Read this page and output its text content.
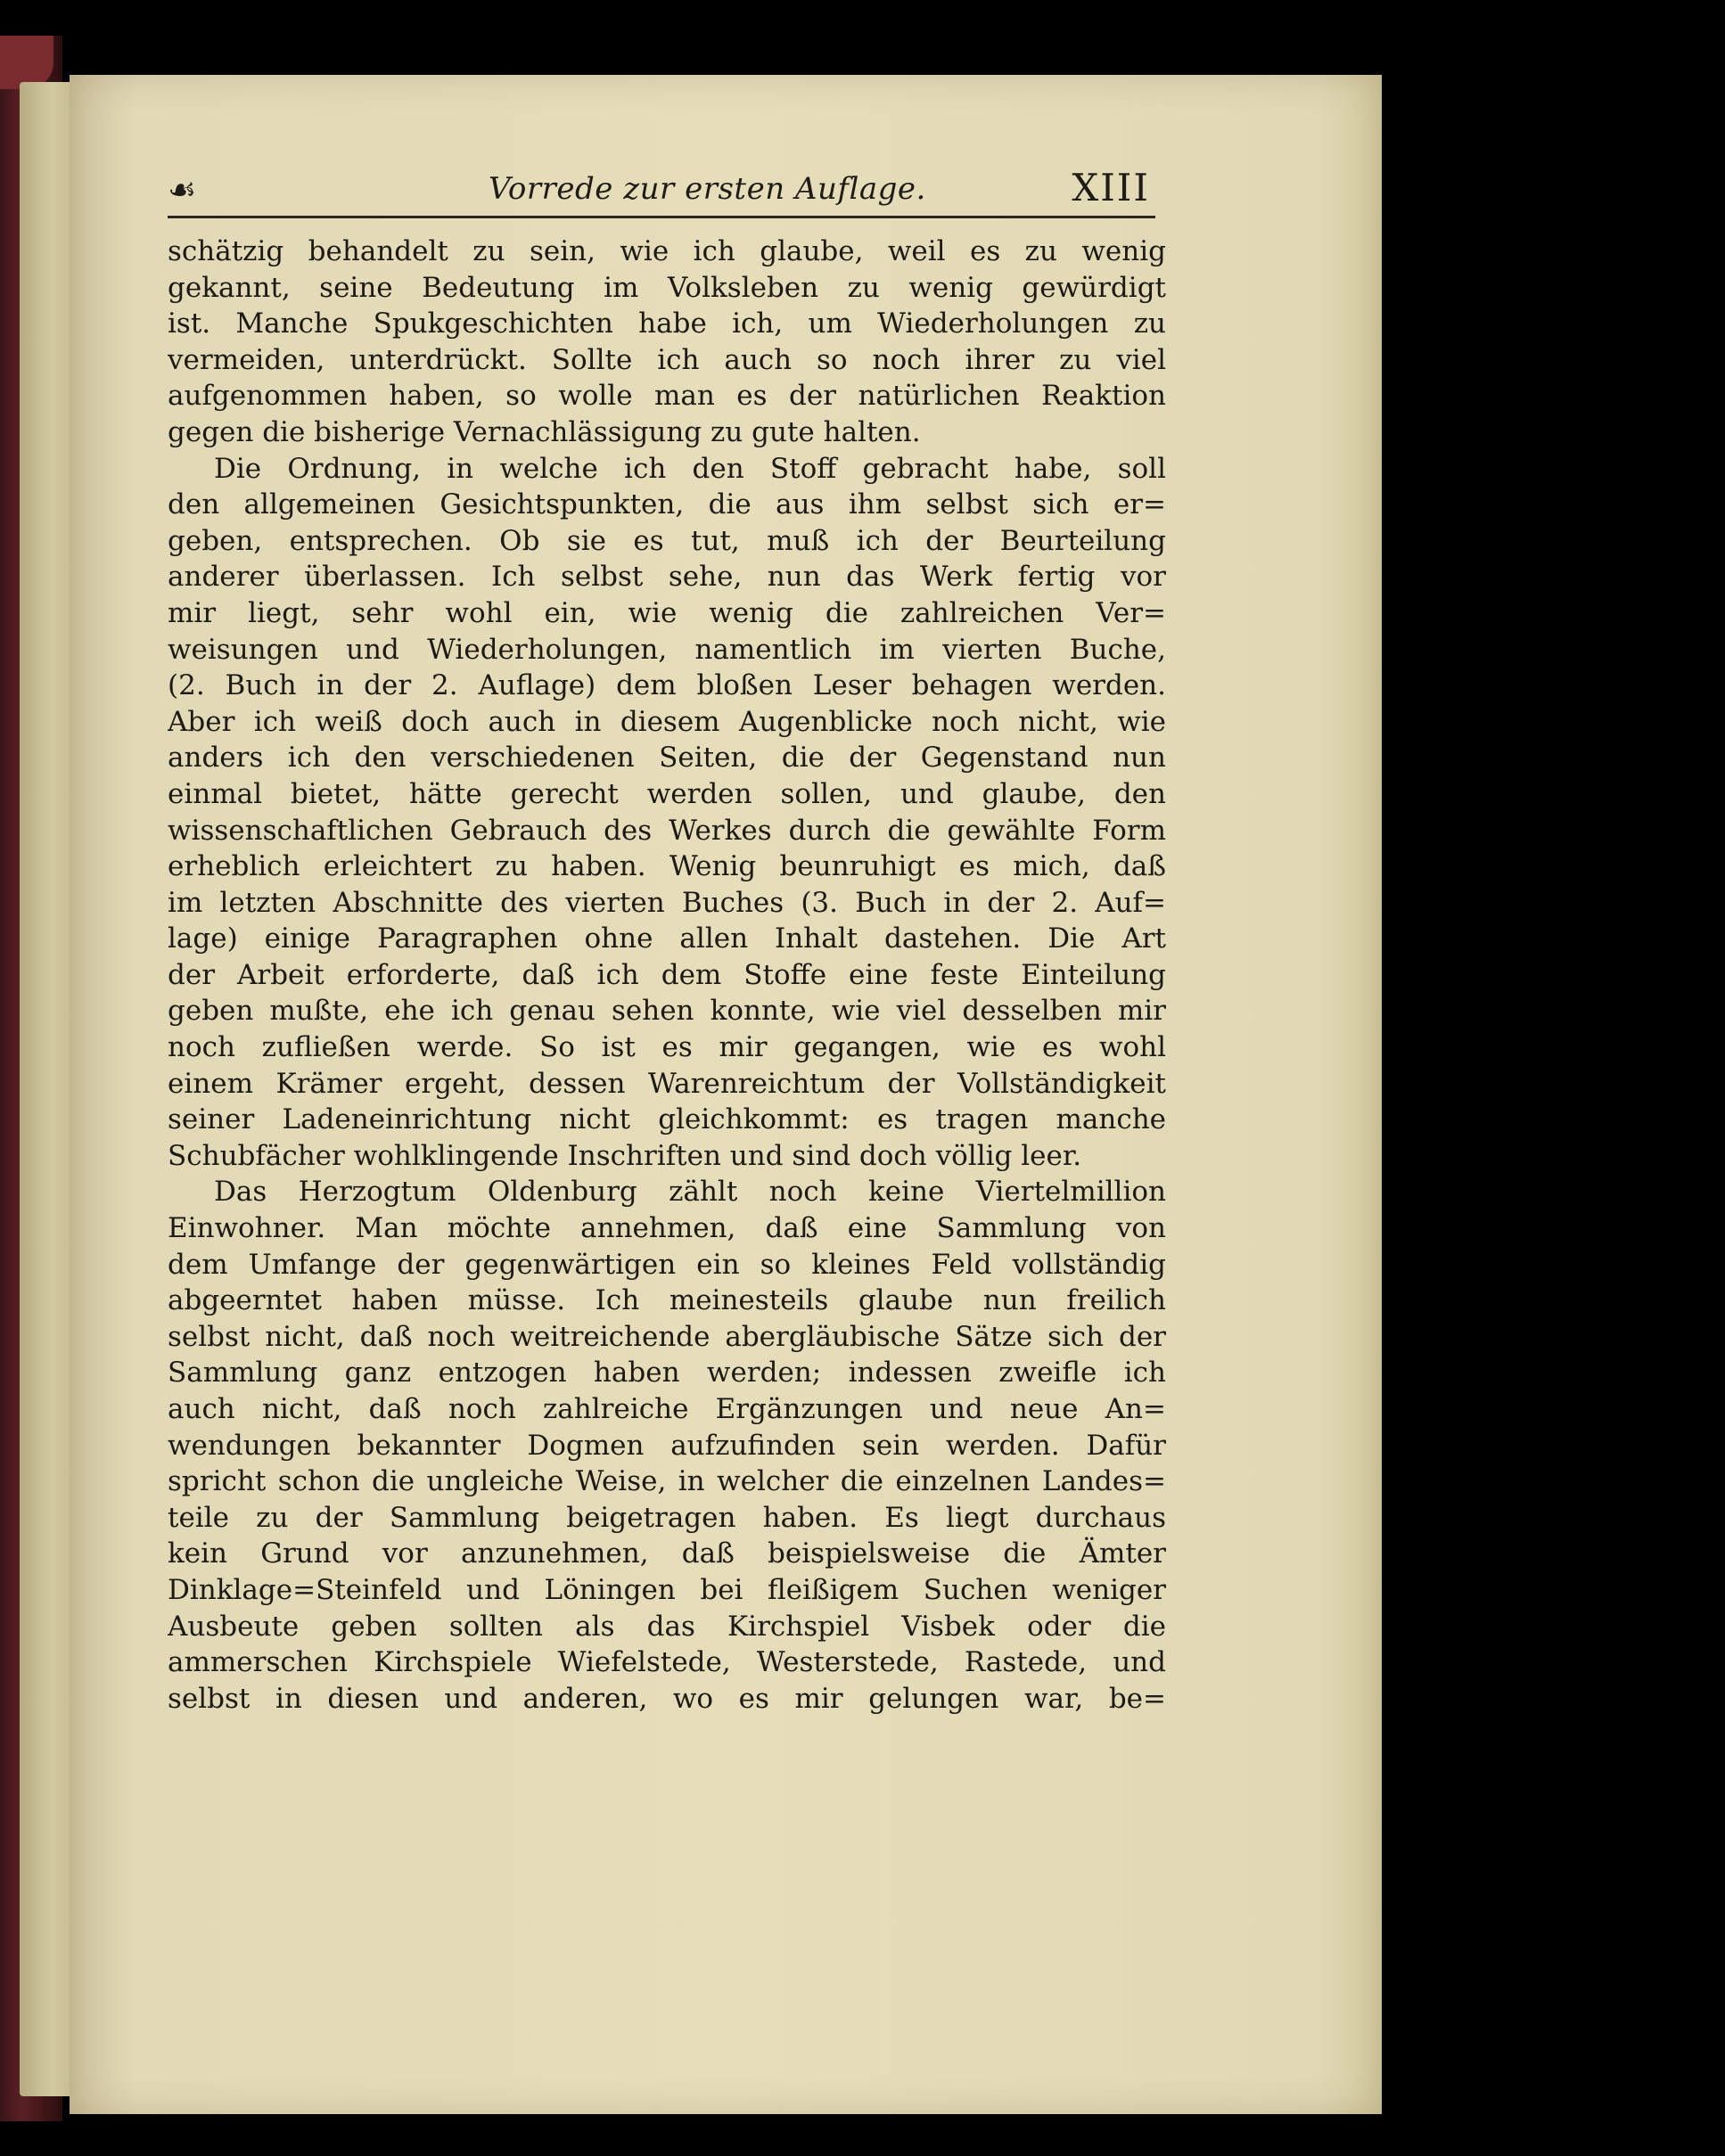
☙	Vorrede zur ersten Auflage.	XIII
schätzig behandelt zu sein, wie ich glaube, weil es zu wenig
gekannt, seine Bedeutung im Volksleben zu wenig gewürdigt
ist. Manche Spukgeschichten habe ich, um Wiederholungen zu
vermeiden, unterdrückt. Sollte ich auch so noch ihrer zu viel
aufgenommen haben, so wolle man es der natürlichen Reaktion
gegen die bisherige Vernachlässigung zu gute halten.
Die Ordnung, in welche ich den Stoff gebracht habe, soll
den allgemeinen Gesichtspunkten, die aus ihm selbst sich er=
geben, entsprechen. Ob sie es tut, muß ich der Beurteilung
anderer überlassen. Ich selbst sehe, nun das Werk fertig vor
mir liegt, sehr wohl ein, wie wenig die zahlreichen Ver=
weisungen und Wiederholungen, namentlich im vierten Buche,
(2. Buch in der 2. Auflage) dem bloßen Leser behagen werden.
Aber ich weiß doch auch in diesem Augenblicke noch nicht, wie
anders ich den verschiedenen Seiten, die der Gegenstand nun
einmal bietet, hätte gerecht werden sollen, und glaube, den
wissenschaftlichen Gebrauch des Werkes durch die gewählte Form
erheblich erleichtert zu haben. Wenig beunruhigt es mich, daß
im letzten Abschnitte des vierten Buches (3. Buch in der 2. Auf=
lage) einige Paragraphen ohne allen Inhalt dastehen. Die Art
der Arbeit erforderte, daß ich dem Stoffe eine feste Einteilung
geben mußte, ehe ich genau sehen konnte, wie viel desselben mir
noch zufließen werde. So ist es mir gegangen, wie es wohl
einem Krämer ergeht, dessen Warenreichtum der Vollständigkeit
seiner Ladeneinrichtung nicht gleichkommt: es tragen manche
Schubfächer wohlklingende Inschriften und sind doch völlig leer.
Das Herzogtum Oldenburg zählt noch keine Viertelmillion
Einwohner. Man möchte annehmen, daß eine Sammlung von
dem Umfange der gegenwärtigen ein so kleines Feld vollständig
abgeerntet haben müsse. Ich meinesteils glaube nun freilich
selbst nicht, daß noch weitreichende abergläubische Sätze sich der
Sammlung ganz entzogen haben werden; indessen zweifle ich
auch nicht, daß noch zahlreiche Ergänzungen und neue An=
wendungen bekannter Dogmen aufzufinden sein werden. Dafür
spricht schon die ungleiche Weise, in welcher die einzelnen Landes=
teile zu der Sammlung beigetragen haben. Es liegt durchaus
kein Grund vor anzunehmen, daß beispielsweise die Ämter
Dinklage=Steinfeld und Löningen bei fleißigem Suchen weniger
Ausbeute geben sollten als das Kirchspiel Visbek oder die
ammerschen Kirchspiele Wiefelstede, Westerstede, Rastede, und
selbst in diesen und anderen, wo es mir gelungen war, be=
